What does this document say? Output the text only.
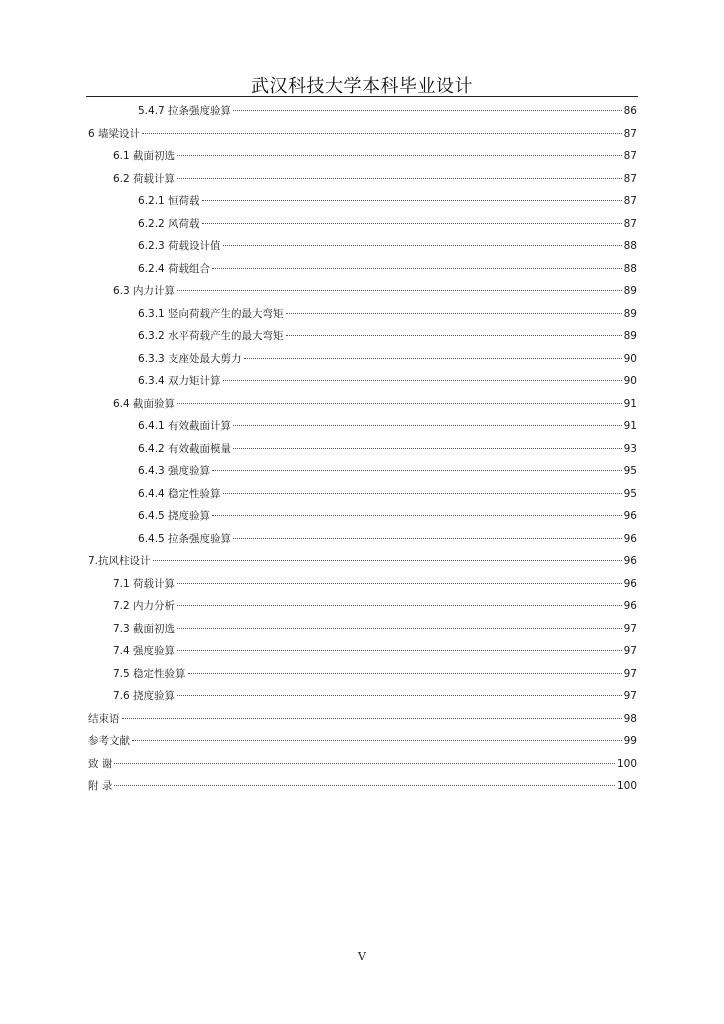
武汉科技大学本科毕业设计
5.4.7 拉条强度验算	86
6 墙梁设计	87
6.1 截面初选	87
6.2 荷载计算	87
6.2.1 恒荷载	87
6.2.2 风荷载	87
6.2.3 荷载设计值	88
6.2.4 荷载组合	88
6.3 内力计算	89
6.3.1 竖向荷载产生的最大弯矩	89
6.3.2 水平荷载产生的最大弯矩	89
6.3.3 支座处最大剪力	90
6.3.4 双力矩计算	90
6.4 截面验算	91
6.4.1 有效截面计算	91
6.4.2 有效截面模量	93
6.4.3 强度验算	95
6.4.4 稳定性验算	95
6.4.5 挠度验算	96
6.4.5 拉条强度验算	96
7.抗风柱设计	96
7.1 荷载计算	96
7.2 内力分析	96
7.3 截面初选	97
7.4 强度验算	97
7.5 稳定性验算	97
7.6 挠度验算	97
结束语	98
参考文献	99
致 谢	100
附 录	100
V
